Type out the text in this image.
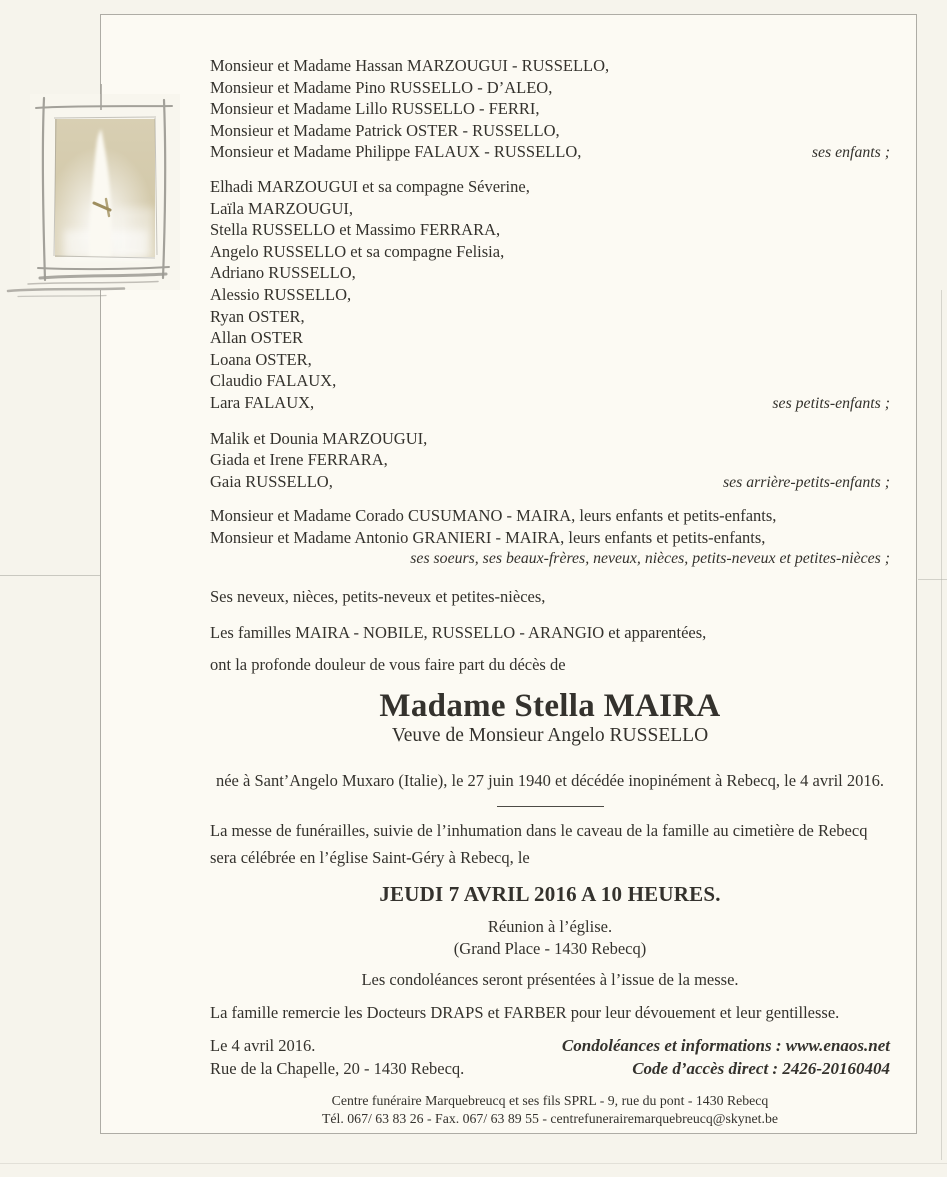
Monsieur et Madame Hassan MARZOUGUI - RUSSELLO,
Monsieur et Madame Pino RUSSELLO - D’ALEO,
Monsieur et Madame Lillo RUSSELLO - FERRI,
Monsieur et Madame Patrick OSTER - RUSSELLO,
Monsieur et Madame Philippe FALAUX - RUSSELLO,	ses enfants ;
Elhadi MARZOUGUI et sa compagne Séverine,
Laïla MARZOUGUI,
Stella RUSSELLO et Massimo FERRARA,
Angelo RUSSELLO et sa compagne Felisia,
Adriano RUSSELLO,
Alessio RUSSELLO,
Ryan OSTER,
Allan OSTER
Loana OSTER,
Claudio FALAUX,
Lara FALAUX,	ses petits-enfants ;
Malik et Dounia MARZOUGUI,
Giada et Irene FERRARA,
Gaia RUSSELLO,	ses arrière-petits-enfants ;
Monsieur et Madame Corado CUSUMANO - MAIRA, leurs enfants et petits-enfants,
Monsieur et Madame Antonio GRANIERI - MAIRA, leurs enfants et petits-enfants,
ses soeurs, ses beaux-frères, neveux, nièces, petits-neveux et petites-nièces ;
Ses neveux, nièces, petits-neveux et petites-nièces,
Les familles MAIRA - NOBILE, RUSSELLO - ARANGIO et apparentées,
ont la profonde douleur de vous faire part du décès de
Madame Stella MAIRA
Veuve de Monsieur Angelo RUSSELLO
née à Sant’Angelo Muxaro (Italie), le 27 juin 1940 et décédée inopinément à Rebecq, le 4 avril 2016.
La messe de funérailles, suivie de l’inhumation dans le caveau de la famille au cimetière de Rebecq
sera célébrée en l’église Saint-Géry à Rebecq, le
JEUDI 7 AVRIL 2016 A 10 HEURES.
Réunion à l’église.
(Grand Place - 1430 Rebecq)
Les condoléances seront présentées à l’issue de la messe.
La famille remercie les Docteurs DRAPS et FARBER pour leur dévouement et leur gentillesse.
Le 4 avril 2016.
Rue de la Chapelle, 20 - 1430 Rebecq.
Condoléances et informations : www.enaos.net
Code d’accès direct : 2426-20160404
Centre funéraire Marquebreucq et ses fils SPRL - 9, rue du pont - 1430 Rebecq
Tél. 067/ 63 83 26 - Fax. 067/ 63 89 55 - centrefunerairemarquebreucq@skynet.be
